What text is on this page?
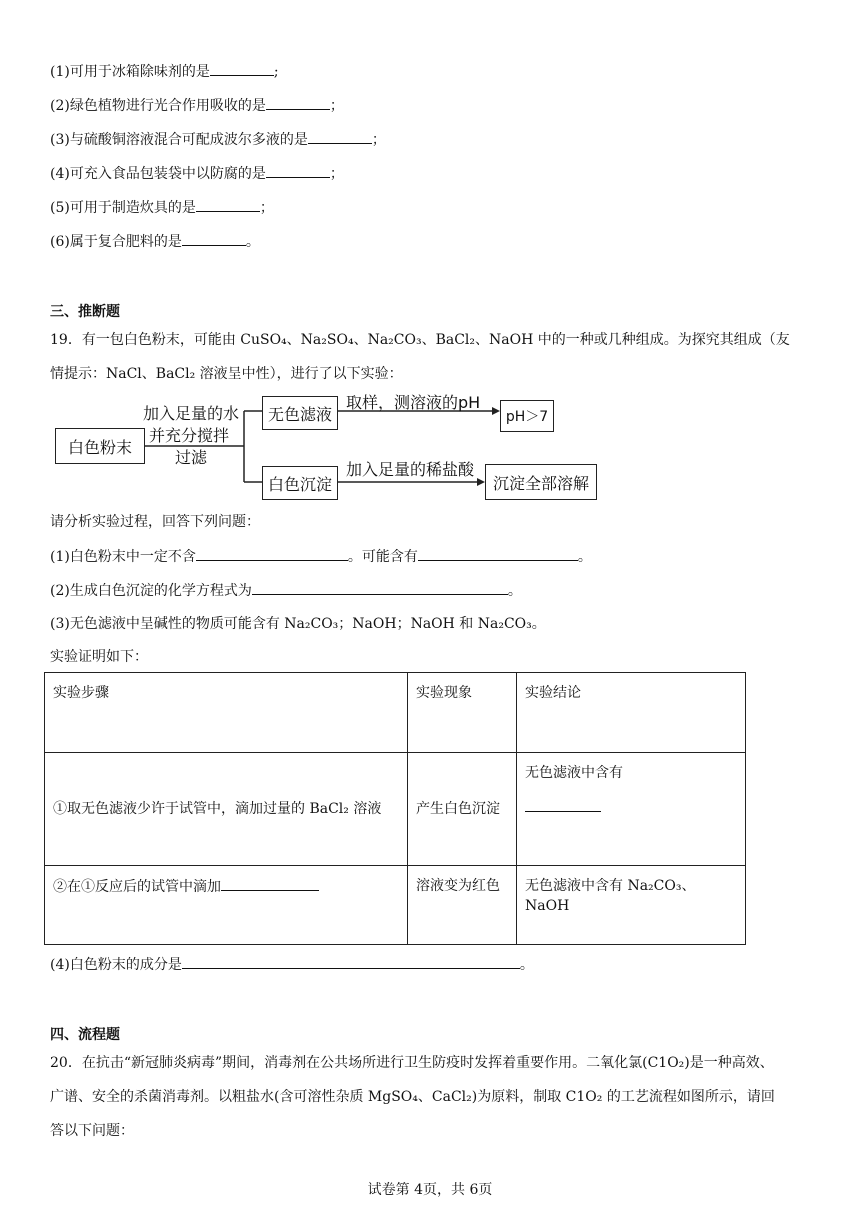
(1)可用于冰箱除味剂的是	;
(2)绿色植物进行光合作用吸收的是	；
(3)与硫酸铜溶液混合可配成波尔多液的是	；
(4)可充入食品包装袋中以防腐的是	；
(5)可用于制造炊具的是	；
(6)属于复合肥料的是	。
三、推断题
19．有一包白色粉末，可能由 CuSO₄、Na₂SO₄、Na₂CO₃、BaCl₂、NaOH 中的一种或几种组成。为探究其组成（友
情提示：NaCl、BaCl₂ 溶液呈中性），进行了以下实验：
白色粉末
加入足量的水
并充分搅拌
过滤
无色滤液
取样，测溶液的pH
pH＞7
白色沉淀
加入足量的稀盐酸
沉淀全部溶解
请分析实验过程，回答下列问题：
(1)白色粉末中一定不含	。可能含有	。
(2)生成白色沉淀的化学方程式为	。
(3)无色滤液中呈碱性的物质可能含有 Na₂CO₃；NaOH；NaOH 和 Na₂CO₃。
实验证明如下：
实验步骤	实验现象	实验结论
①取无色滤液少许于试管中，滴加过量的 BaCl₂ 溶液	产生白色沉淀	无色滤液中含有

②在①反应后的试管中滴加	溶液变为红色	无色滤液中含有 Na₂CO₃、NaOH
(4)白色粉末的成分是	。
四、流程题
20．在抗击“新冠肺炎病毒”期间，消毒剂在公共场所进行卫生防疫时发挥着重要作用。二氧化氯(C1O₂)是一种高效、
广谱、安全的杀菌消毒剂。以粗盐水(含可溶性杂质 MgSO₄、CaCl₂)为原料，制取 C1O₂ 的工艺流程如图所示，请回
答以下问题：
试卷第 4页，共 6页
